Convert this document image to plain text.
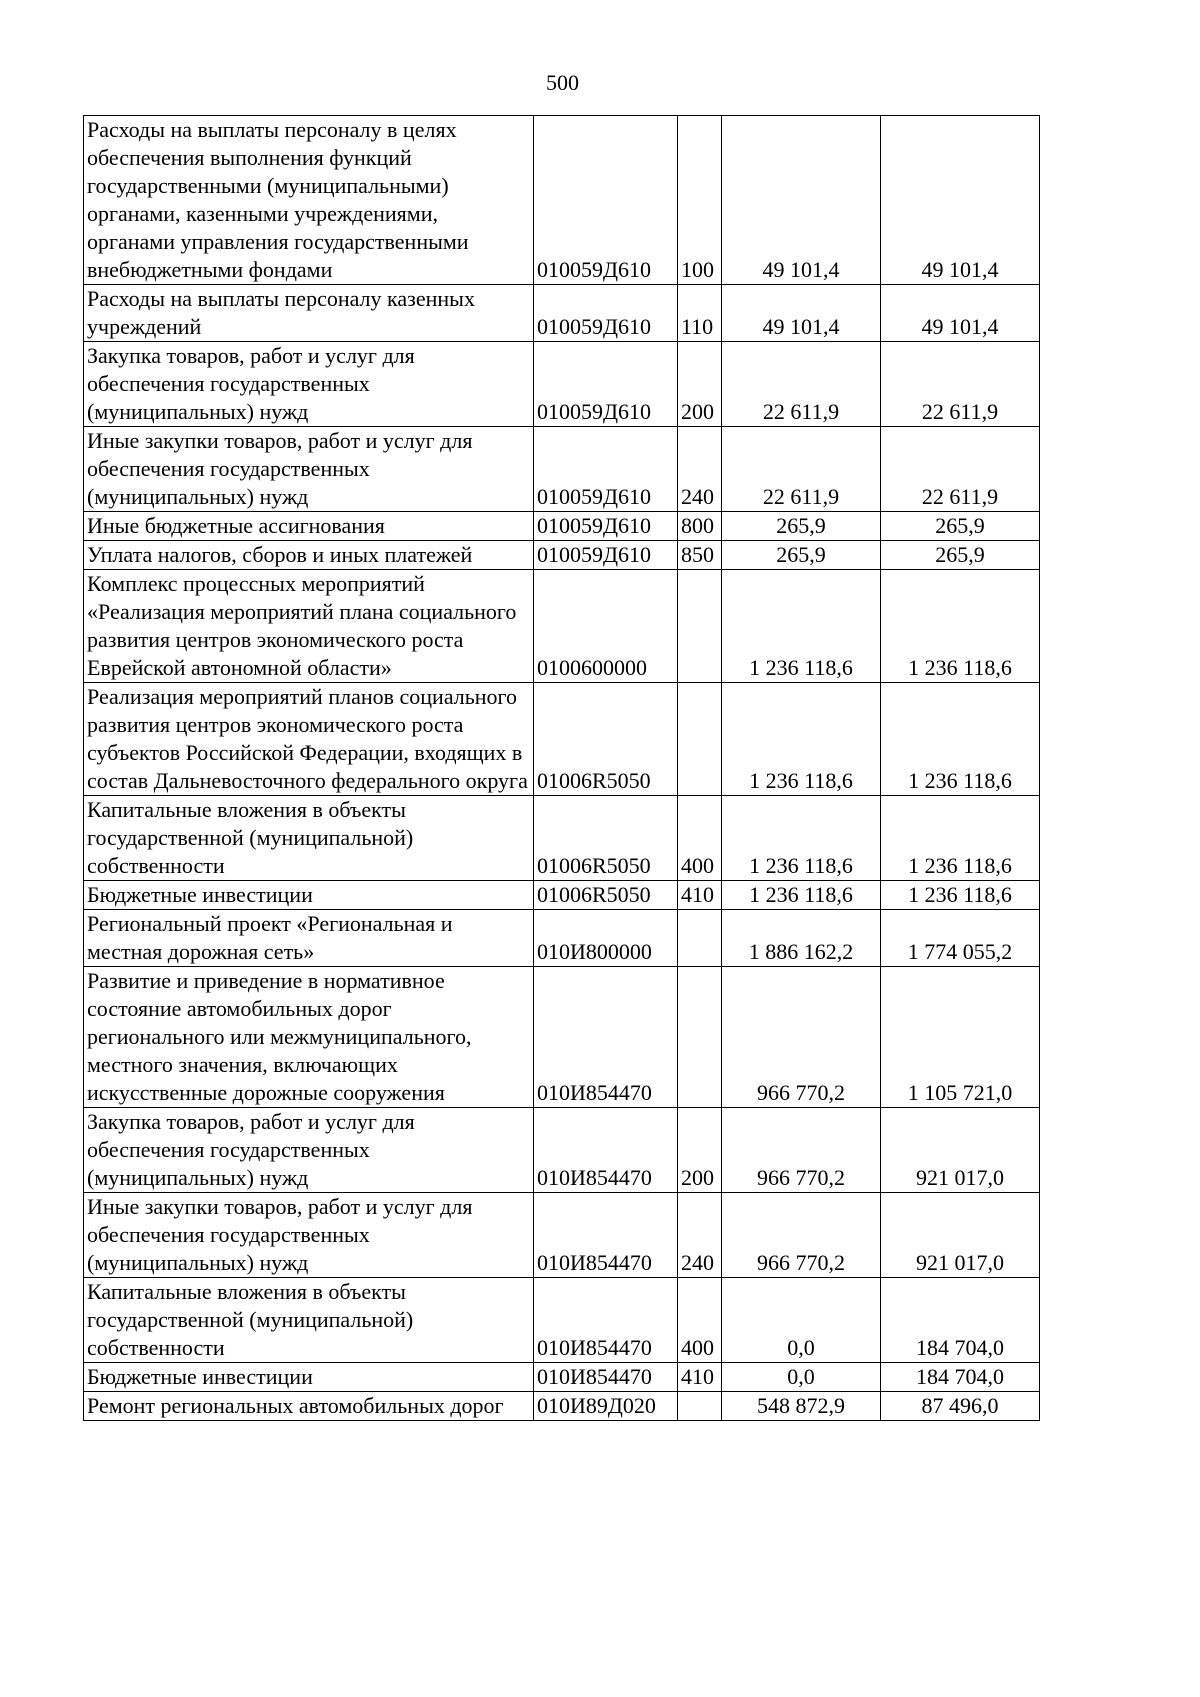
500
Расходы на выплаты персоналу в целях обеспечения выполнения функций государственными (муниципальными) органами, казенными учреждениями, органами управления государственными внебюджетными фондами	010059Д610	100	49 101,4	49 101,4
Расходы на выплаты персоналу казенных учреждений	010059Д610	110	49 101,4	49 101,4
Закупка товаров, работ и услуг для обеспечения государственных (муниципальных) нужд	010059Д610	200	22 611,9	22 611,9
Иные закупки товаров, работ и услуг для обеспечения государственных (муниципальных) нужд	010059Д610	240	22 611,9	22 611,9
Иные бюджетные ассигнования	010059Д610	800	265,9	265,9
Уплата налогов, сборов и иных платежей	010059Д610	850	265,9	265,9
Комплекс процессных мероприятий «Реализация мероприятий плана социального развития центров экономического роста Еврейской автономной области»	0100600000		1 236 118,6	1 236 118,6
Реализация мероприятий планов социального развития центров экономического роста субъектов Российской Федерации, входящих в состав Дальневосточного федерального округа	01006R5050		1 236 118,6	1 236 118,6
Капитальные вложения в объекты государственной (муниципальной) собственности	01006R5050	400	1 236 118,6	1 236 118,6
Бюджетные инвестиции	01006R5050	410	1 236 118,6	1 236 118,6
Региональный проект «Региональная и местная дорожная сеть»	010И800000		1 886 162,2	1 774 055,2
Развитие и приведение в нормативное состояние автомобильных дорог регионального или межмуниципального, местного значения, включающих искусственные дорожные сооружения	010И854470		966 770,2	1 105 721,0
Закупка товаров, работ и услуг для обеспечения государственных (муниципальных) нужд	010И854470	200	966 770,2	921 017,0
Иные закупки товаров, работ и услуг для обеспечения государственных (муниципальных) нужд	010И854470	240	966 770,2	921 017,0
Капитальные вложения в объекты государственной (муниципальной) собственности	010И854470	400	0,0	184 704,0
Бюджетные инвестиции	010И854470	410	0,0	184 704,0
Ремонт региональных автомобильных дорог	010И89Д020		548 872,9	87 496,0
